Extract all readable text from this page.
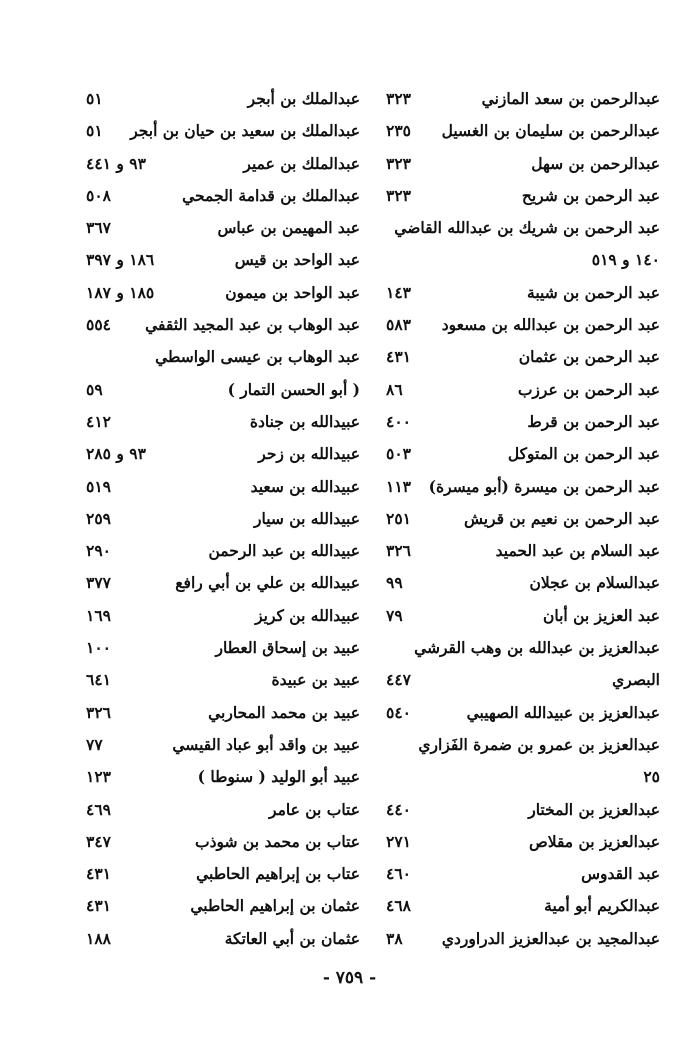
عبدالرحمن بن سعد المازني
٣٢٣
عبدالرحمن بن سليمان بن الغسيل
٢٣٥
عبدالرحمن بن سهل
٣٢٣
عبد الرحمن بن شريح
٣٢٣
عبد الرحمن بن شريك بن عبدالله القاضي
١٤٠ و ٥١٩
عبد الرحمن بن شيبة
١٤٣
عبد الرحمن بن عبدالله بن مسعود
٥٨٣
عبد الرحمن بن عثمان
٤٣١
عبد الرحمن بن عرزب
٨٦
عبد الرحمن بن قرط
٤٠٠
عبد الرحمن بن المتوكل
٥٠٣
عبد الرحمن بن ميسرة (أبو ميسرة)
١١٣
عبد الرحمن بن نعيم بن قريش
٢٥١
عبد السلام بن عبد الحميد
٣٢٦
عبدالسلام بن عجلان
٩٩
عبد العزيز بن أبان
٧٩
عبدالعزيز بن عبدالله بن وهب القرشي
البصري
٤٤٧
عبدالعزيز بن عبيدالله الصهيبي
٥٤٠
عبدالعزيز بن عمرو بن ضمرة الفَزاري
٢٥
عبدالعزيز بن المختار
٤٤٠
عبدالعزيز بن مقلاص
٢٧١
عبد القدوس
٤٦٠
عبدالكريم أبو أمية
٤٦٨
عبدالمجيد بن عبدالعزيز الدراوردي
٣٨
عبدالملك بن أبجر
٥١
عبدالملك بن سعيد بن حيان بن أبجر
٥١
عبدالملك بن عمير
٩٣ و ٤٤١
عبدالملك بن قدامة الجمحي
٥٠٨
عبد المهيمن بن عباس
٣٦٧
عبد الواحد بن قيس
١٨٦ و ٣٩٧
عبد الواحد بن ميمون
١٨٥ و ١٨٧
عبد الوهاب بن عبد المجيد الثقفي
٥٥٤
عبد الوهاب بن عيسى الواسطي
( أبو الحسن التمار )
٥٩
عبيدالله بن جنادة
٤١٢
عبيدالله بن زحر
٩٣ و ٢٨٥
عبيدالله بن سعيد
٥١٩
عبيدالله بن سيار
٢٥٩
عبيدالله بن عبد الرحمن
٢٩٠
عبيدالله بن علي بن أبي رافع
٣٧٧
عبيدالله بن كريز
١٦٩
عبيد بن إسحاق العطار
١٠٠
عبيد بن عبيدة
٦٤١
عبيد بن محمد المحاربي
٣٢٦
عبيد بن واقد أبو عباد القيسي
٧٧
عبيد أبو الوليد ( سنوطا )
١٢٣
عتاب بن عامر
٤٦٩
عتاب بن محمد بن شوذب
٣٤٧
عتاب بن إبراهيم الحاطبي
٤٣١
عثمان بن إبراهيم الحاطبي
٤٣١
عثمان بن أبي العاتكة
١٨٨
- ٧٥٩ -
